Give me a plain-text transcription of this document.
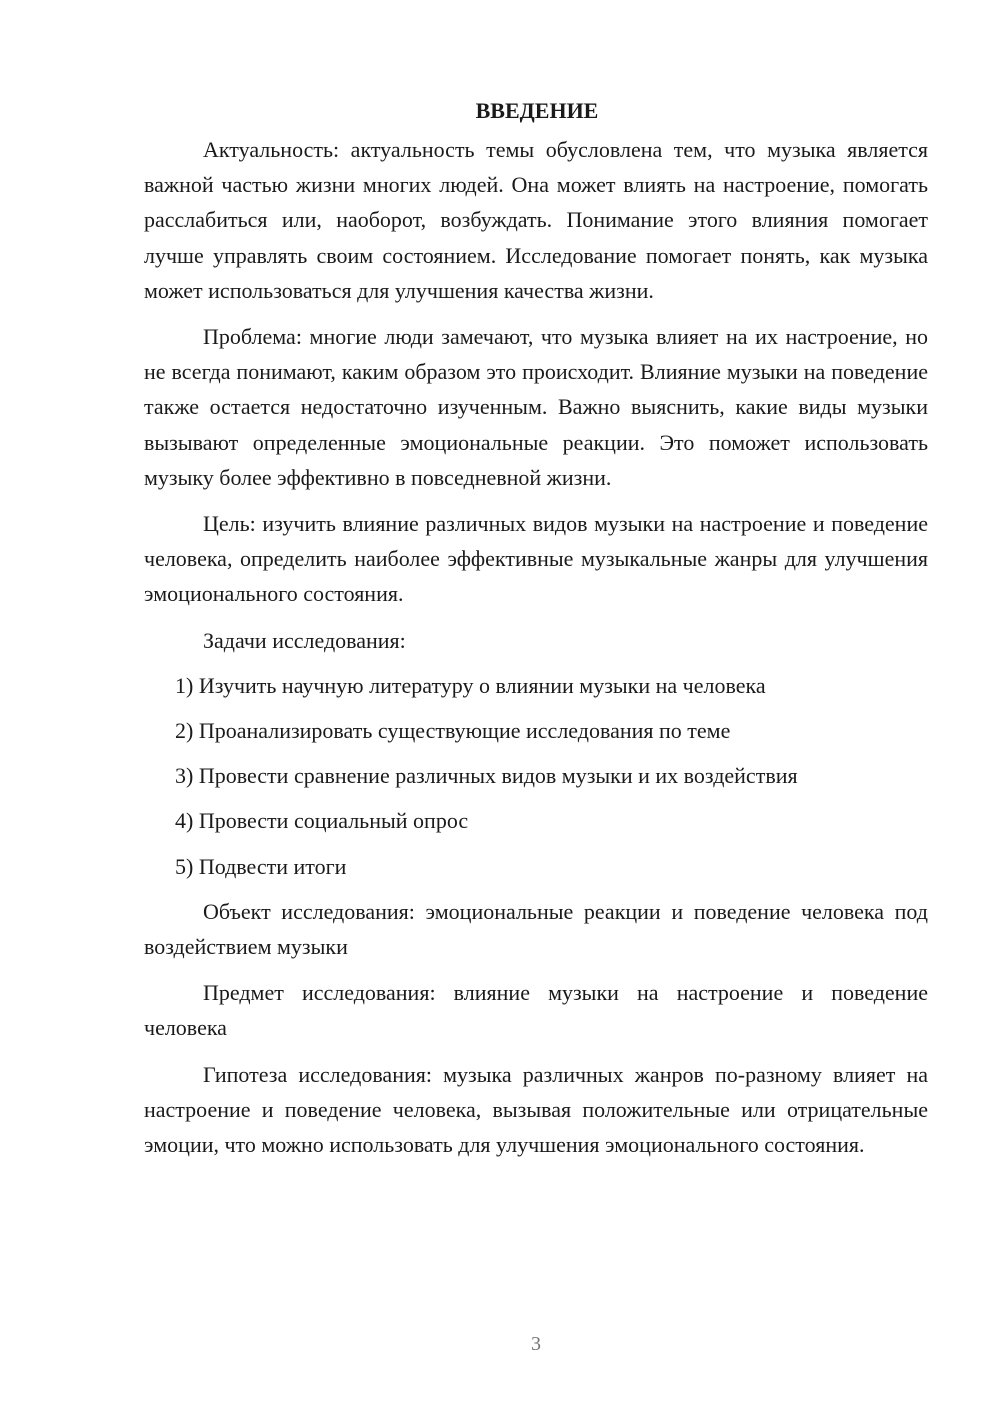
ВВЕДЕНИЕ

Актуальность: актуальность темы обусловлена тем, что музыка является важной частью жизни многих людей. Она может влиять на настроение, помогать расслабиться или, наоборот, возбуждать. Понимание этого влияния помогает лучше управлять своим состоянием. Исследование помогает понять, как музыка может использоваться для улучшения качества жизни.

Проблема: многие люди замечают, что музыка влияет на их настроение, но не всегда понимают, каким образом это происходит. Влияние музыки на поведение также остается недостаточно изученным. Важно выяснить, какие виды музыки вызывают определенные эмоциональные реакции. Это поможет использовать музыку более эффективно в повседневной жизни.

Цель: изучить влияние различных видов музыки на настроение и поведение человека, определить наиболее эффективные музыкальные жанры для улучшения эмоционального состояния.

Задачи исследования:

1) Изучить научную литературу о влиянии музыки на человека
2) Проанализировать существующие исследования по теме
3) Провести сравнение различных видов музыки и их воздействия
4) Провести социальный опрос
5) Подвести итоги

Объект исследования: эмоциональные реакции и поведение человека под воздействием музыки

Предмет исследования: влияние музыки на настроение и поведение человека

Гипотеза исследования: музыка различных жанров по-разному влияет на настроение и поведение человека, вызывая положительные или отрицательные эмоции, что можно использовать для улучшения эмоционального состояния.

3
